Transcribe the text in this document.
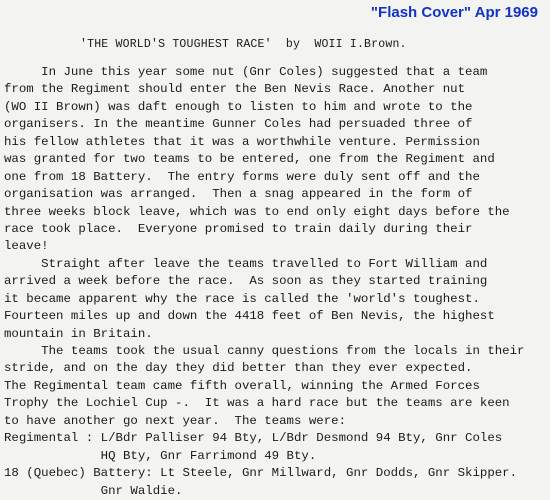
"Flash Cover" Apr 1969
'THE WORLD'S TOUGHEST RACE'  by  WOII I.Brown.
In June this year some nut (Gnr Coles) suggested that a team
from the Regiment should enter the Ben Nevis Race. Another nut
(WO II Brown) was daft enough to listen to him and wrote to the
organisers. In the meantime Gunner Coles had persuaded three of
his fellow athletes that it was a worthwhile venture. Permission
was granted for two teams to be entered, one from the Regiment and
one from 18 Battery.  The entry forms were duly sent off and the
organisation was arranged.  Then a snag appeared in the form of
three weeks block leave, which was to end only eight days before the
race took place.  Everyone promised to train daily during their
leave!
Straight after leave the teams travelled to Fort William and
arrived a week before the race.  As soon as they started training
it became apparent why the race is called the 'world's toughest.
Fourteen miles up and down the 4418 feet of Ben Nevis, the highest
mountain in Britain.
The teams took the usual canny questions from the locals in their
stride, and on the day they did better than they ever expected.
The Regimental team came fifth overall, winning the Armed Forces
Trophy the Lochiel Cup -.  It was a hard race but the teams are keen
to have another go next year.  The teams were:
Regimental : L/Bdr Palliser 94 Bty, L/Bdr Desmond 94 Bty, Gnr Coles
HQ Bty, Gnr Farrimond 49 Bty.
18 (Quebec) Battery: Lt Steele, Gnr Millward, Gnr Dodds, Gnr Skipper.
Gnr Waldie.
